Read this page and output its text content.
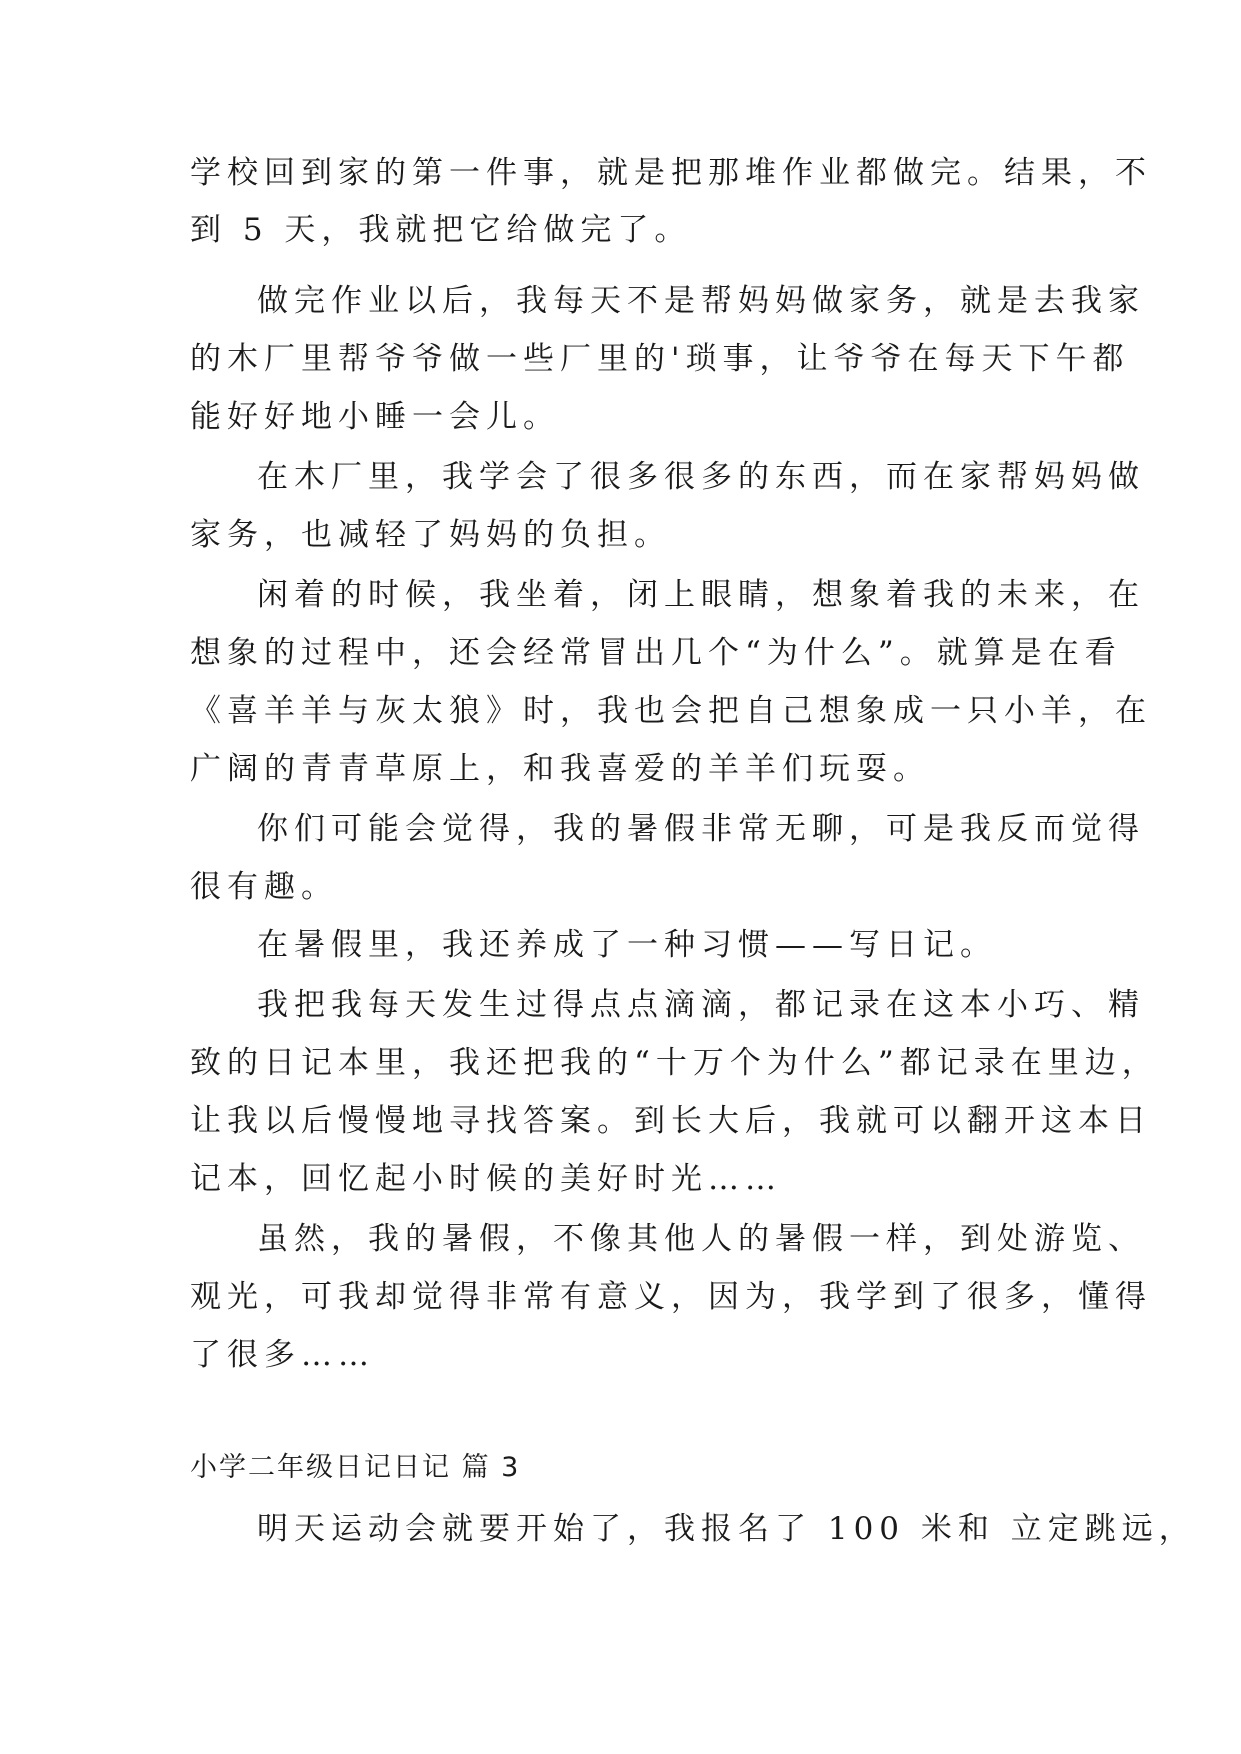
学校回到家的第一件事，就是把那堆作业都做完。结果，不
到 5 天，我就把它给做完了。
做完作业以后，我每天不是帮妈妈做家务，就是去我家
的木厂里帮爷爷做一些厂里的'琐事，让爷爷在每天下午都
能好好地小睡一会儿。
在木厂里，我学会了很多很多的东西，而在家帮妈妈做
家务，也减轻了妈妈的负担。
闲着的时候，我坐着，闭上眼睛，想象着我的未来，在
想象的过程中，还会经常冒出几个“为什么”。就算是在看
《喜羊羊与灰太狼》时，我也会把自己想象成一只小羊，在
广阔的青青草原上，和我喜爱的羊羊们玩耍。
你们可能会觉得，我的暑假非常无聊，可是我反而觉得
很有趣。
在暑假里，我还养成了一种习惯——写日记。
我把我每天发生过得点点滴滴，都记录在这本小巧、精
致的日记本里，我还把我的“十万个为什么”都记录在里边，
让我以后慢慢地寻找答案。到长大后，我就可以翻开这本日
记本，回忆起小时候的美好时光……
虽然，我的暑假，不像其他人的暑假一样，到处游览、
观光，可我却觉得非常有意义，因为，我学到了很多，懂得
了很多……
小学二年级日记日记 篇 3
明天运动会就要开始了，我报名了 100 米和 立定跳远，
